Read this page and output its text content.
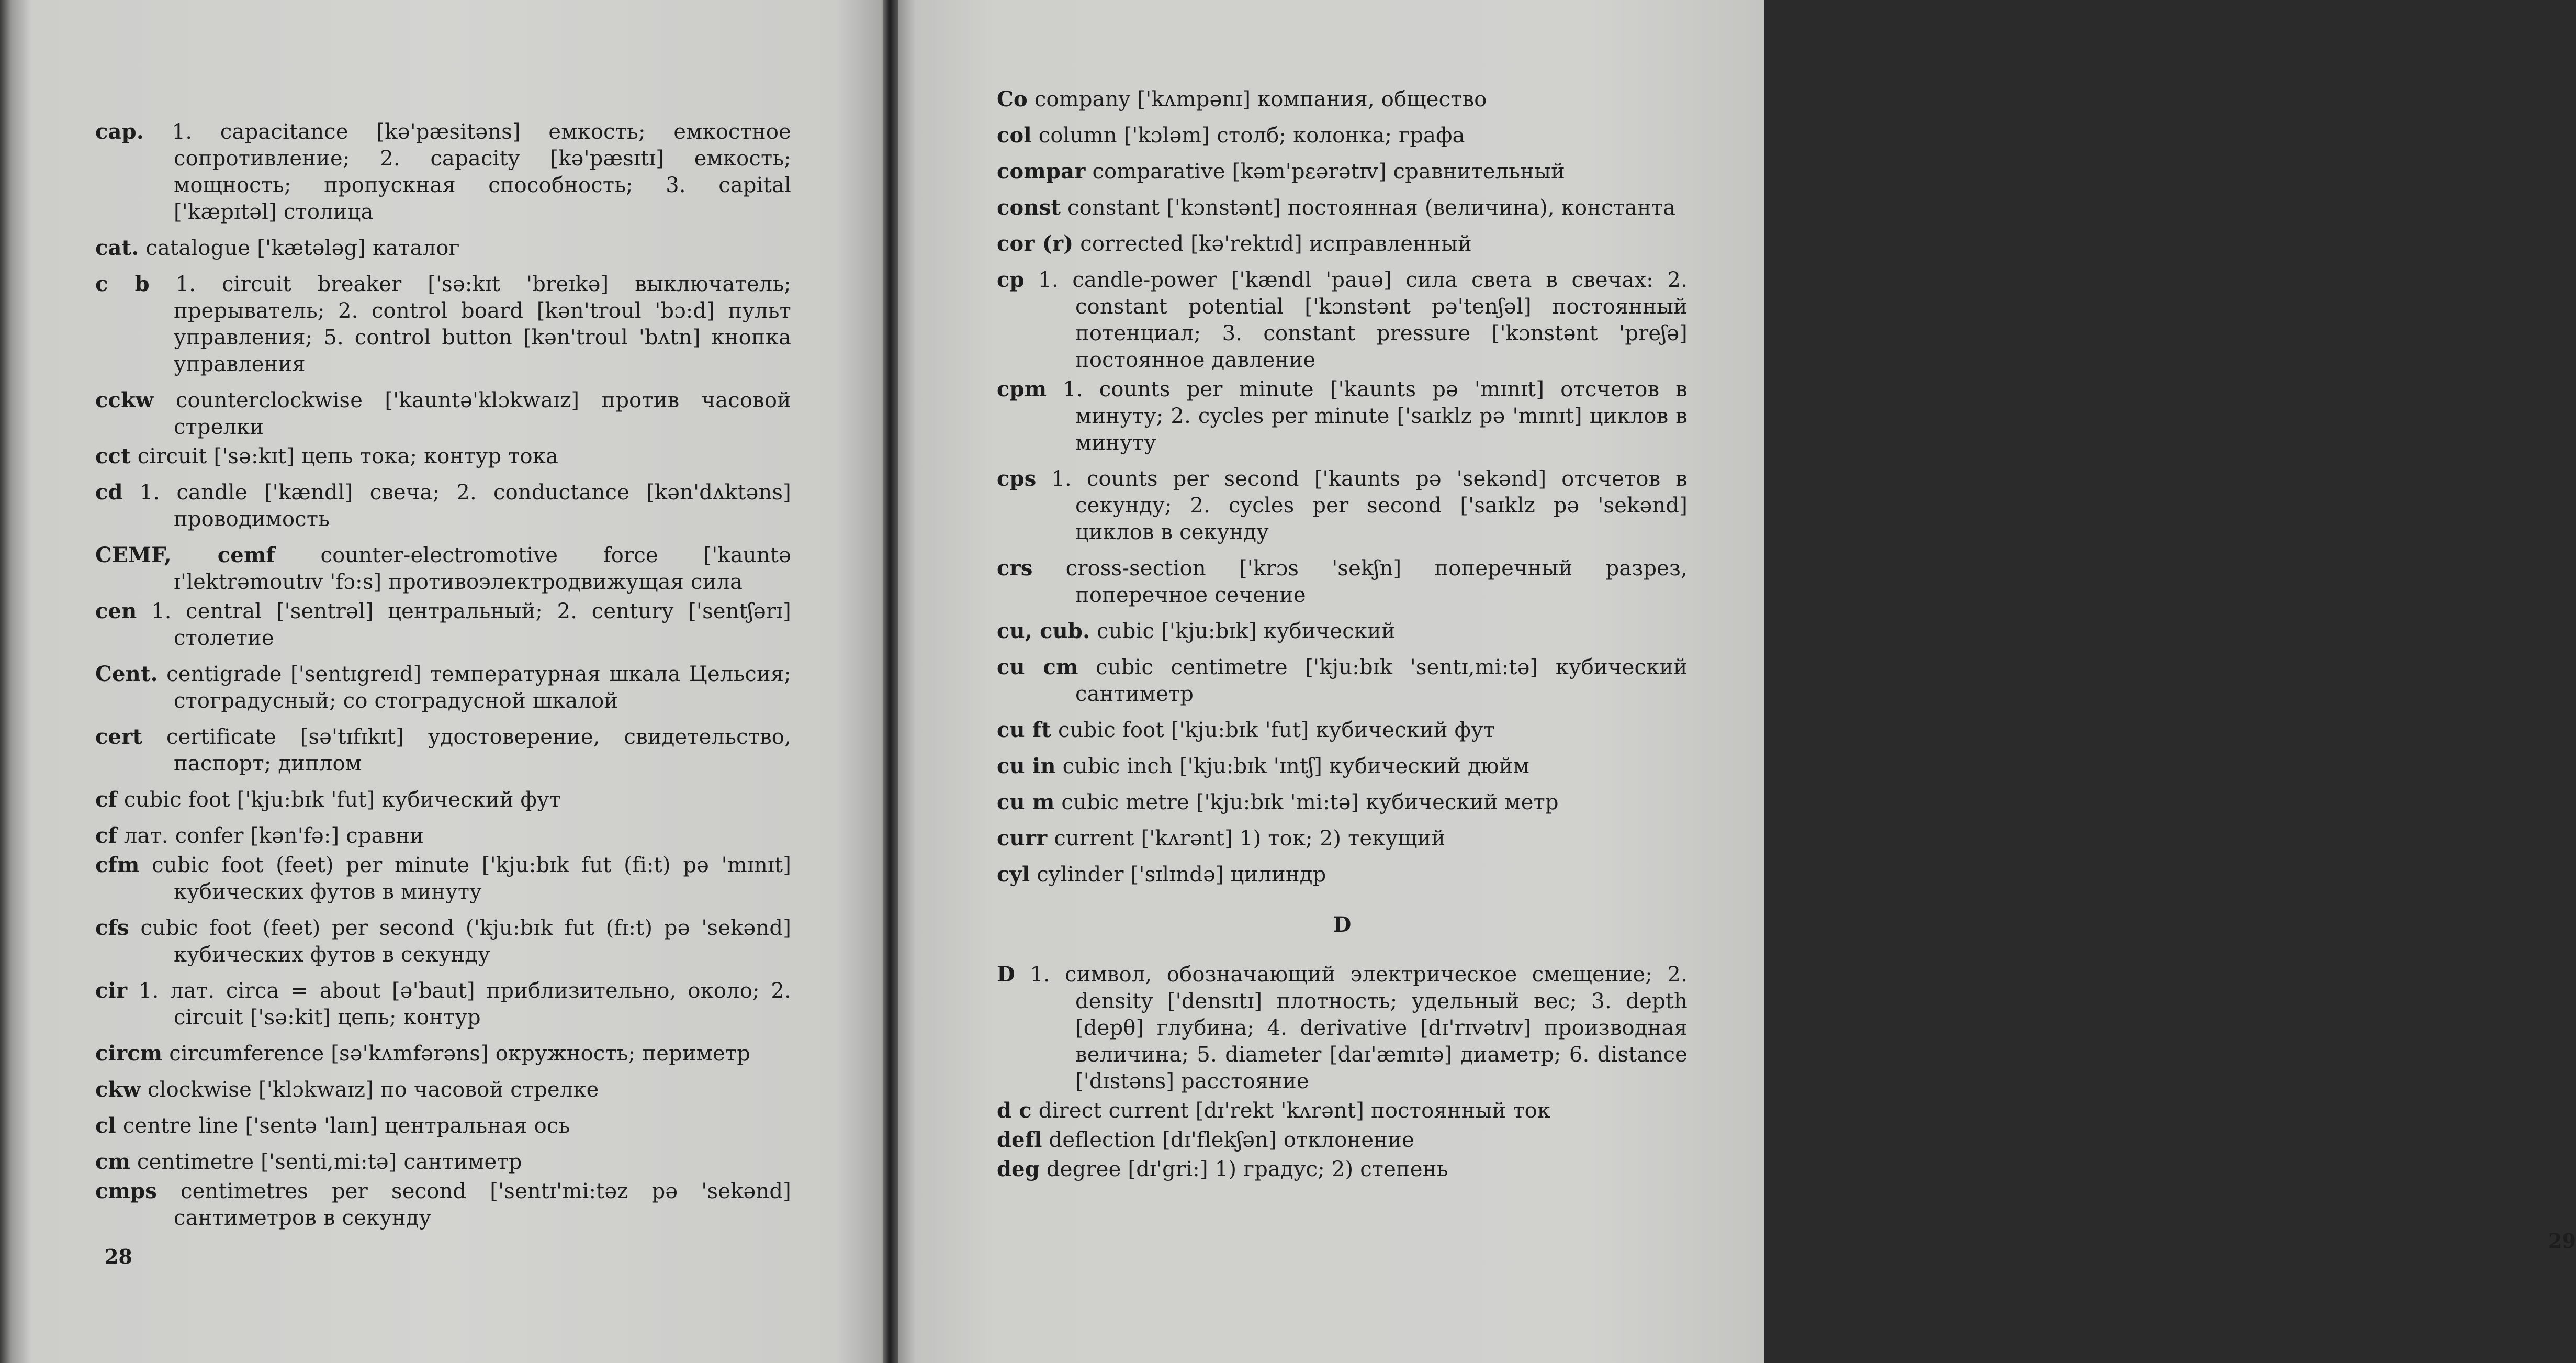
cap. 1. capacitance [kə'pæsitəns] емкость; емкостное сопротивление; 2. capacity [kə'pæsɪtɪ] емкость; мощность; пропускная способность; 3. capital ['kæpɪtəl] столица
cat. catalogue ['kætələg] каталог
c b 1. circuit breaker ['sə:kɪt 'breɪkə] выключатель; прерыватель; 2. control board [kən'troul 'bɔ:d] пульт управления; 5. control button [kən'troul 'bʌtn] кнопка управления
cckw counterclockwise ['kauntə'klɔkwaɪz] против часовой стрелки
cct circuit ['sə:kɪt] цепь тока; контур тока
cd 1. candle ['kændl] свеча; 2. conductance [kən'dʌktəns] проводимость
CEMF, cemf counter-electromotive force ['kauntə ɪ'lektrəmoutɪv 'fɔ:s] противоэлектродвижущая сила
cen 1. central ['sentrəl] центральный; 2. century ['sentʃərɪ] столетие
Cent. centigrade ['sentɪgreɪd] температурная шкала Цельсия; стоградусный; со стоградусной шкалой
cert certificate [sə'tɪfɪkɪt] удостоверение, свидетельство, паспорт; диплом
cf cubic foot ['kju:bɪk 'fut] кубический фут
cf лат. confer [kən'fə:] сравни
cfm cubic foot (feet) per minute ['kju:bɪk fut (fi:t) pə 'mɪnɪt] кубических футов в минуту
cfs cubic foot (feet) per second ('kju:bɪk fut (fɪ:t) pə 'sekənd] кубических футов в секунду
cir 1. лат. circa = about [ə'baut] приблизительно, около; 2. circuit ['sə:kit] цепь; контур
circm circumference [sə'kʌmfərəns] окружность; периметр
ckw clockwise ['klɔkwaɪz] по часовой стрелке
cl centre line ['sentə 'laɪn] центральная ось
cm centimetre ['senti,mi:tə] сантиметр
cmps centimetres per second ['sentɪ'mi:təz pə 'sekənd] сантиметров в секунду
28
Co company ['kʌmpənɪ] компания, общество
col column ['kɔləm] столб; колонка; графа
compar comparative [kəm'pɛərətɪv] сравнительный
const constant ['kɔnstənt] постоянная (величина), константа
cor (r) corrected [kə'rektɪd] исправленный
cp 1. candle-power ['kændl 'pauə] сила света в свечах: 2. constant potential ['kɔnstənt pə'tenʃəl] постоянный потенциал; 3. constant pressure ['kɔnstənt 'preʃə] постоянное давление
cpm 1. counts per minute ['kaunts pə 'mɪnɪt] отсчетов в минуту; 2. cycles per minute ['saɪklz pə 'mɪnɪt] циклов в минуту
cps 1. counts per second ['kaunts pə 'sekənd] отсчетов в секунду; 2. cycles per second ['saɪklz pə 'sekənd] циклов в секунду
crs cross-section ['krɔs 'sekʃn] поперечный разрез, поперечное сечение
cu, cub. cubic ['kju:bɪk] кубический
cu cm cubic centimetre ['kju:bɪk 'sentɪ,mi:tə] кубический сантиметр
cu ft cubic foot ['kju:bɪk 'fut] кубический фут
cu in cubic inch ['kju:bɪk 'ɪntʃ] кубический дюйм
cu m cubic metre ['kju:bɪk 'mi:tə] кубический метр
curr current ['kʌrənt] 1) ток; 2) текущий
cyl cylinder ['sɪlɪndə] цилиндр
D
D 1. символ, обозначающий электрическое смещение; 2. density ['densɪtɪ] плотность; удельный вес; 3. depth [depθ] глубина; 4. derivative [dɪ'rɪvətɪv] производная величина; 5. diameter [daɪ'æmɪtə] диаметр; 6. distance ['dɪstəns] расстояние
d c direct current [dɪ'rekt 'kʌrənt] постоянный ток
defl deflection [dɪ'flekʃən] отклонение
deg degree [dɪ'gri:] 1) градус; 2) степень
29
